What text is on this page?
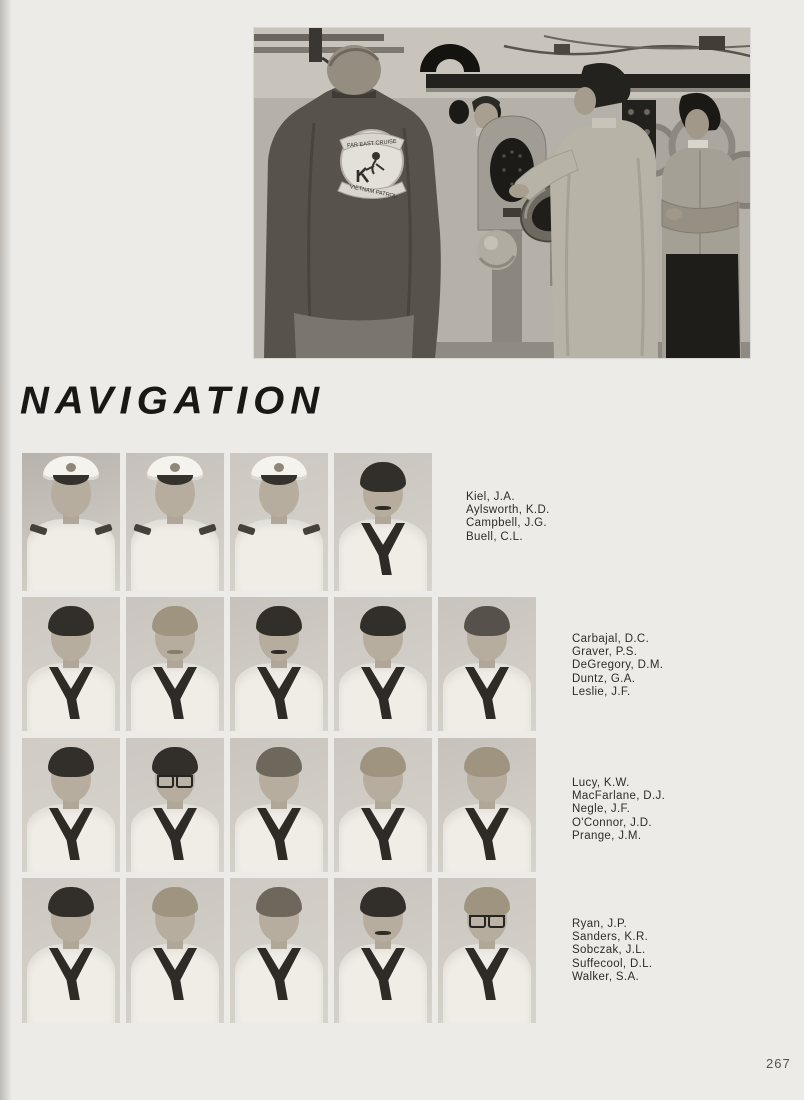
FAR EAST CRUISE
VIETNAM PATROL
NAVIGATION
Kiel, J.A.
Aylsworth, K.D.
Campbell, J.G.
Buell, C.L.
Carbajal, D.C.
Graver, P.S.
DeGregory, D.M.
Duntz, G.A.
Leslie, J.F.
Lucy, K.W.
MacFarlane, D.J.
Negle, J.F.
O'Connor, J.D.
Prange, J.M.
Ryan, J.P.
Sanders, K.R.
Sobczak, J.L.
Suffecool, D.L.
Walker, S.A.
267
